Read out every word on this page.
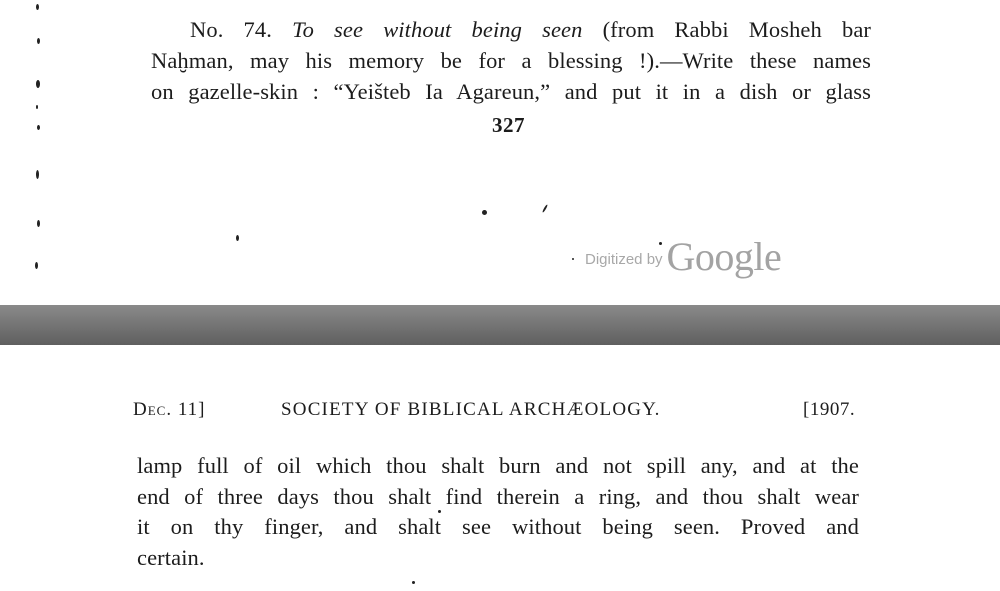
No. 74. To see without being seen (from Rabbi Mosheh bar
Naḫman, may his memory be for a blessing !).—Write these names
on gazelle-skin : “Yeišteb Ia Agareun,” and put it in a dish or glass
327
Digitized by Google
Dec. 11]	SOCIETY OF BIBLICAL ARCHÆOLOGY.	[1907.
lamp full of oil which thou shalt burn and not spill any, and at the
end of three days thou shalt find therein a ring, and thou shalt wear
it on thy finger, and shalt see without being seen. Proved and
certain.
